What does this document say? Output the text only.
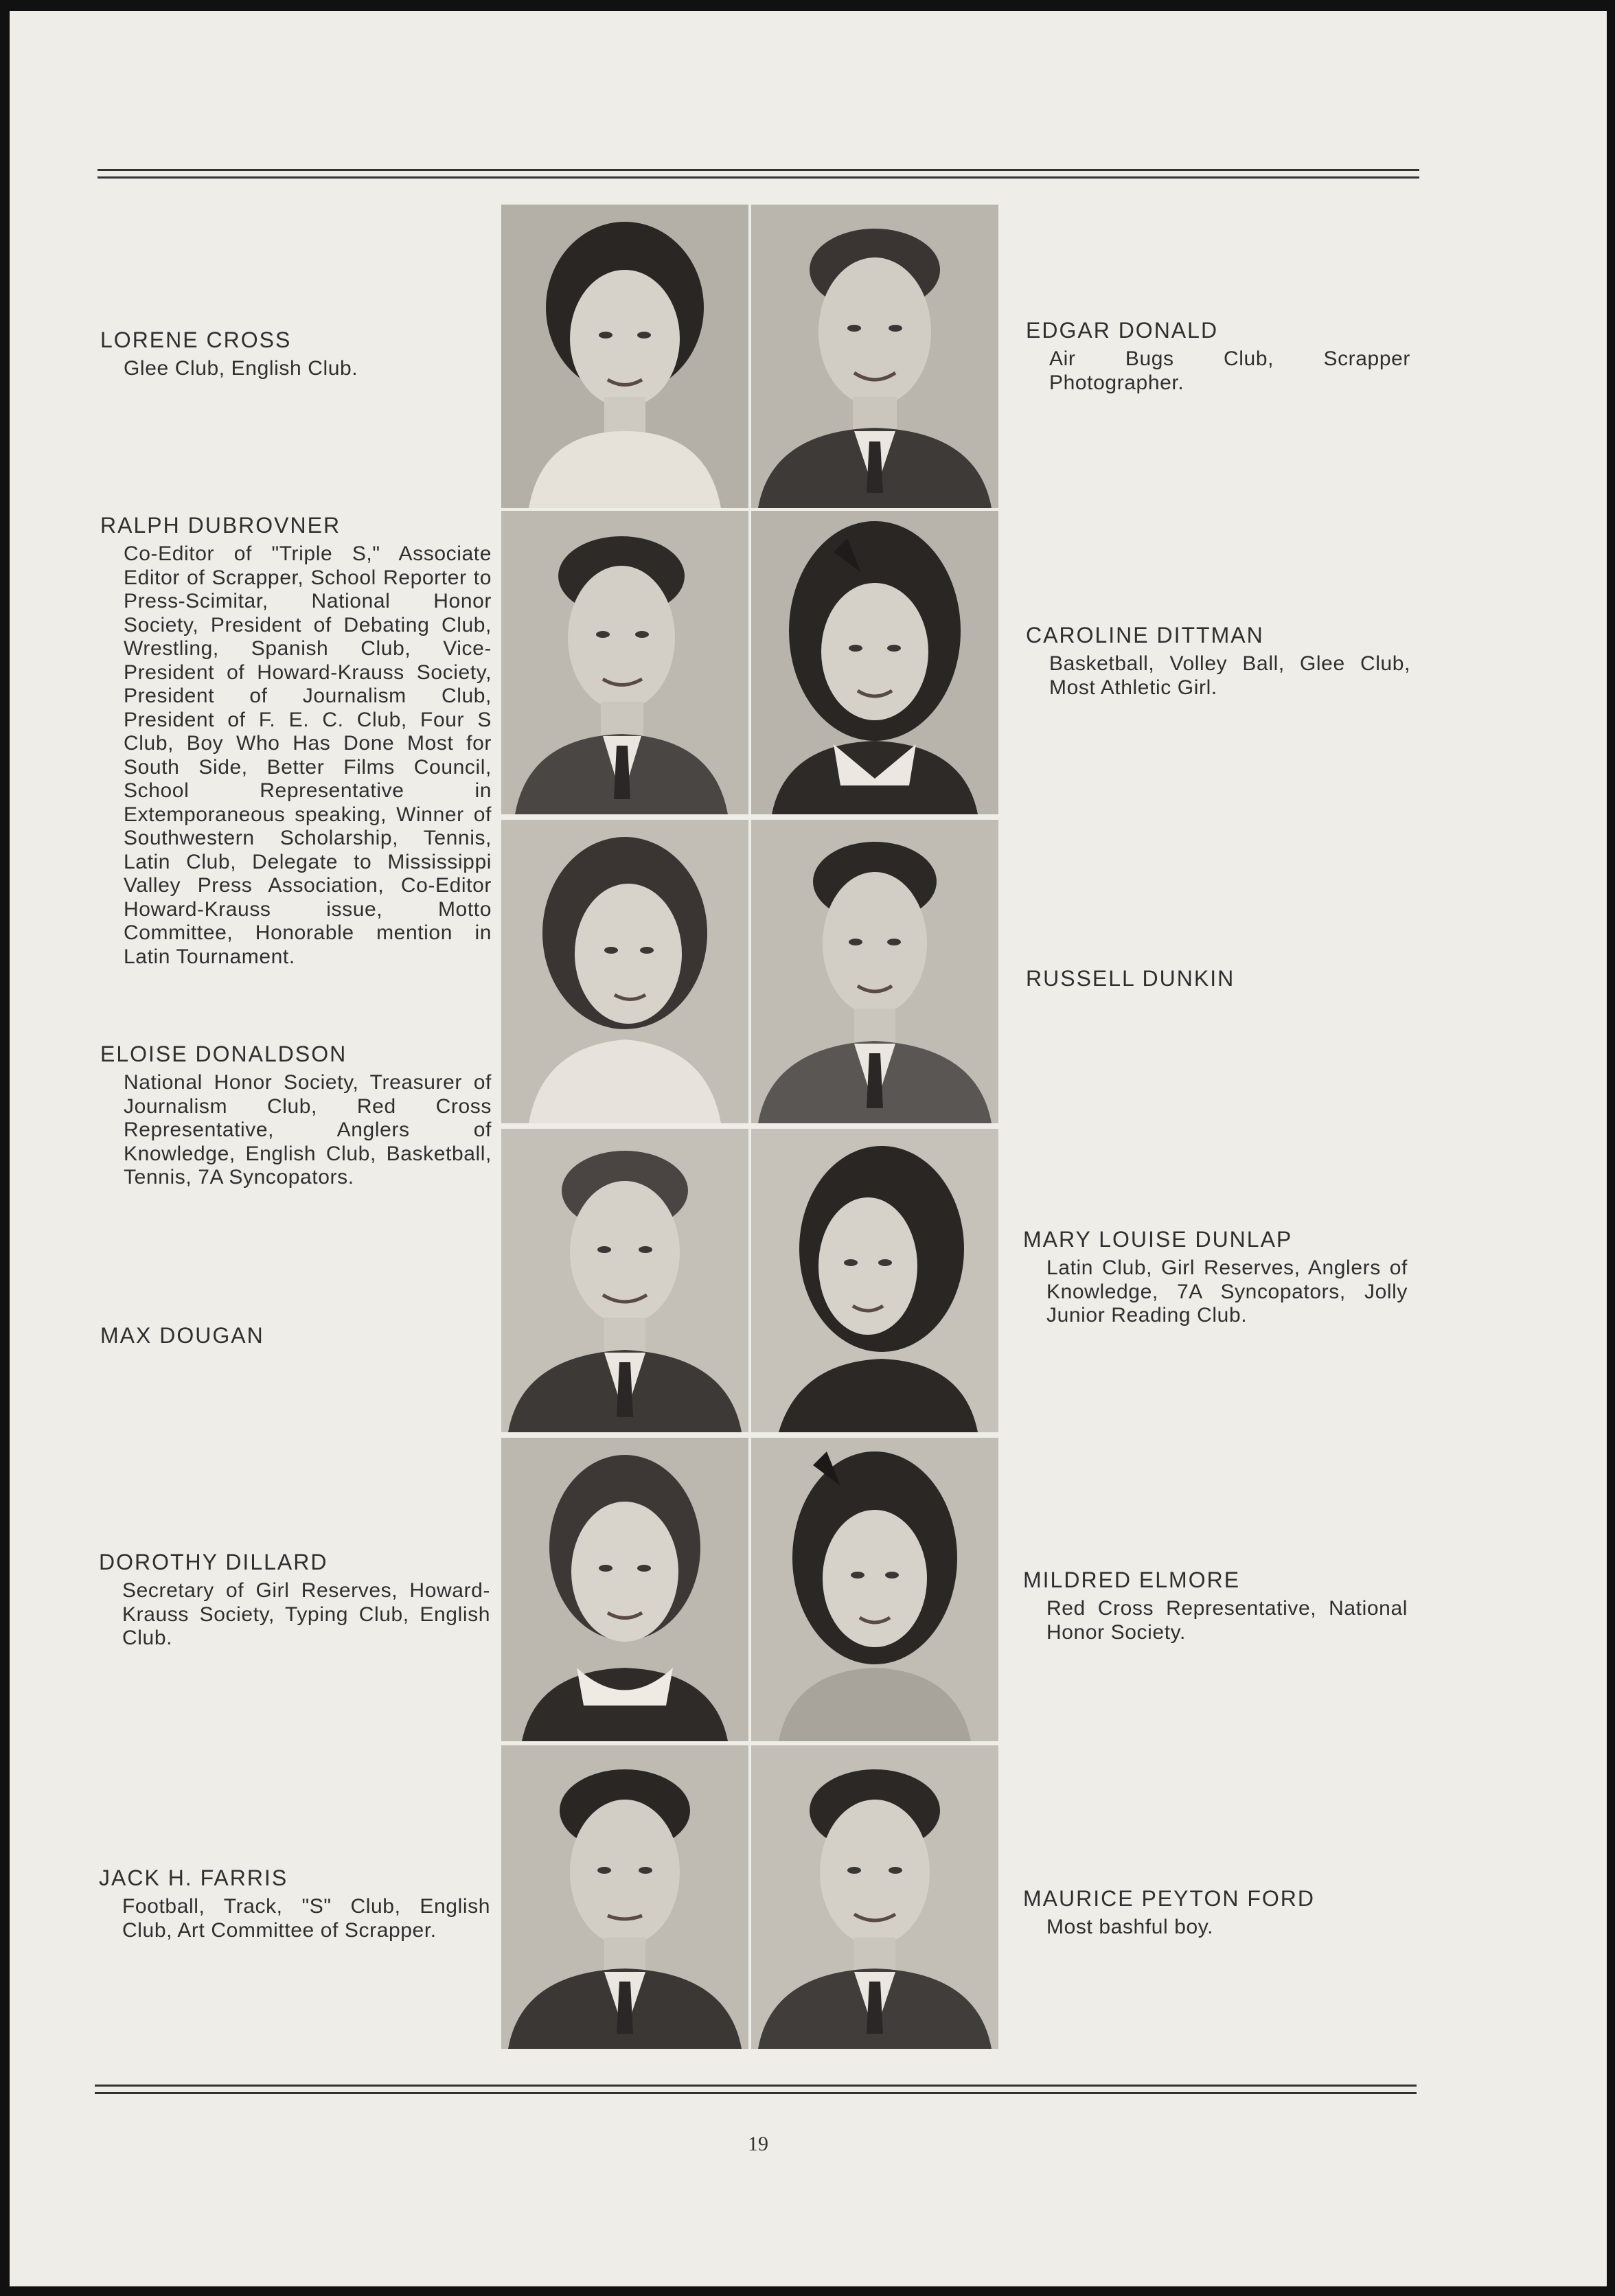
LORENE CROSS

Glee Club, English Club.

RALPH DUBROVNER

Co-Editor of "Triple S," Associate Editor of Scrapper, School Reporter to Press-Scimitar, National Honor Society, President of Debating Club, Wrestling, Spanish Club, Vice-President of Howard-Krauss Society, President of Journalism Club, President of F. E. C. Club, Four S Club, Boy Who Has Done Most for South Side, Better Films Council, School Representative in Extemporaneous speaking, Winner of Southwestern Scholarship, Tennis, Latin Club, Delegate to Mississippi Valley Press Association, Co-Editor Howard-Krauss issue, Motto Committee, Honorable mention in Latin Tournament.

ELOISE DONALDSON

National Honor Society, Treasurer of Journalism Club, Red Cross Representative, Anglers of Knowledge, English Club, Basketball, Tennis, 7A Syncopators.

MAX DOUGAN

DOROTHY DILLARD

Secretary of Girl Reserves, Howard-Krauss Society, Typing Club, English Club.

JACK H. FARRIS

Football, Track, "S" Club, English Club, Art Committee of Scrapper.

EDGAR DONALD

Air Bugs Club, Scrapper Photographer.

CAROLINE DITTMAN

Basketball, Volley Ball, Glee Club, Most Athletic Girl.

RUSSELL DUNKIN

MARY LOUISE DUNLAP

Latin Club, Girl Reserves, Anglers of Knowledge, 7A Syncopators, Jolly Junior Reading Club.

MILDRED ELMORE

Red Cross Representative, National Honor Society.

MAURICE PEYTON FORD

Most bashful boy.

19
